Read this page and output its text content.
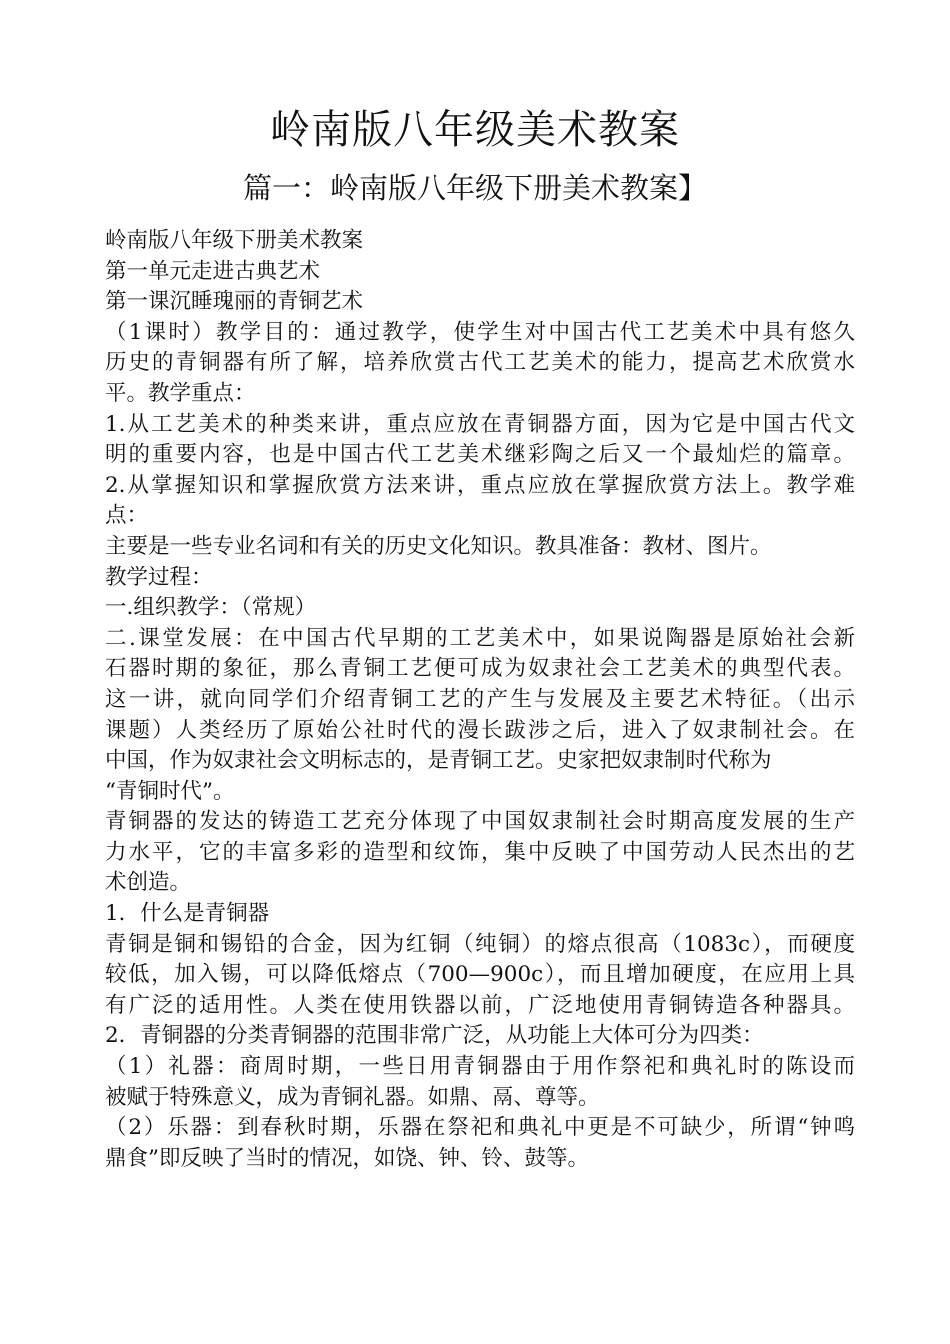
岭南版八年级美术教案
篇一：岭南版八年级下册美术教案】
岭南版八年级下册美术教案
第一单元走进古典艺术
第一课沉睡瑰丽的青铜艺术
（1课时）教学目的：通过教学，使学生对中国古代工艺美术中具有悠久
历史的青铜器有所了解，培养欣赏古代工艺美术的能力，提高艺术欣赏水
平。教学重点：
1.从工艺美术的种类来讲，重点应放在青铜器方面，因为它是中国古代文
明的重要内容，也是中国古代工艺美术继彩陶之后又一个最灿烂的篇章。
2.从掌握知识和掌握欣赏方法来讲，重点应放在掌握欣赏方法上。教学难
点：
主要是一些专业名词和有关的历史文化知识。教具准备：教材、图片。
教学过程：
一.组织教学：（常规）
二.课堂发展：在中国古代早期的工艺美术中，如果说陶器是原始社会新
石器时期的象征，那么青铜工艺便可成为奴隶社会工艺美术的典型代表。
这一讲，就向同学们介绍青铜工艺的产生与发展及主要艺术特征。（出示
课题）人类经历了原始公社时代的漫长跋涉之后，进入了奴隶制社会。在
中国，作为奴隶社会文明标志的，是青铜工艺。史家把奴隶制时代称为
“青铜时代”。
青铜器的发达的铸造工艺充分体现了中国奴隶制社会时期高度发展的生产
力水平，它的丰富多彩的造型和纹饰，集中反映了中国劳动人民杰出的艺
术创造。
1．什么是青铜器
青铜是铜和锡铅的合金，因为红铜（纯铜）的熔点很高（1083c），而硬度
较低，加入锡，可以降低熔点（700—900c），而且增加硬度，在应用上具
有广泛的适用性。人类在使用铁器以前，广泛地使用青铜铸造各种器具。
2．青铜器的分类青铜器的范围非常广泛，从功能上大体可分为四类：
（1）礼器：商周时期，一些日用青铜器由于用作祭祀和典礼时的陈设而
被赋于特殊意义，成为青铜礼器。如鼎、鬲、尊等。
（2）乐器：到春秋时期，乐器在祭祀和典礼中更是不可缺少，所谓“钟鸣
鼎食”即反映了当时的情况，如饶、钟、铃、鼓等。
